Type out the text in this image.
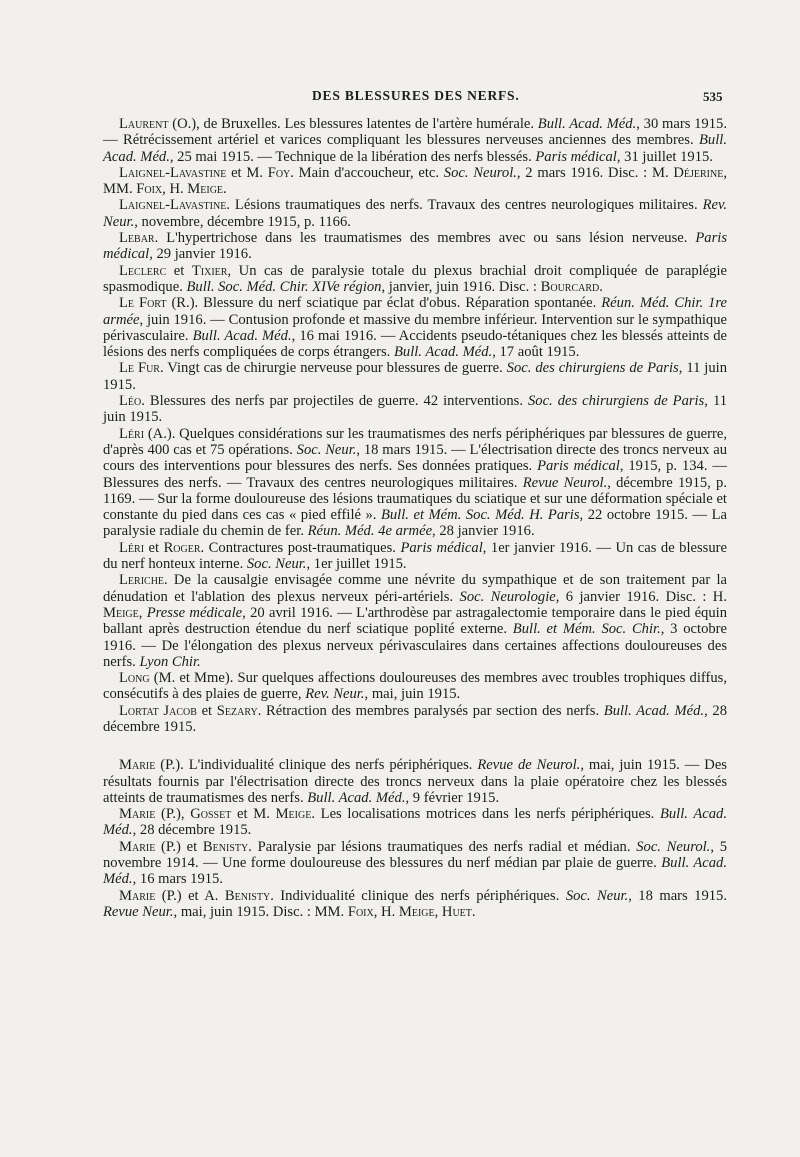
DES BLESSURES DES NERFS.	535

Laurent (O.), de Bruxelles. Les blessures latentes de l'artère humérale. Bull. Acad. Méd., 30 mars 1915. — Rétrécissement artériel et varices compliquant les blessures nerveuses anciennes des membres. Bull. Acad. Méd., 25 mai 1915. — Technique de la libération des nerfs blessés. Paris médical, 31 juillet 1915.

Laignel-Lavastine et M. Foy. Main d'accoucheur, etc. Soc. Neurol., 2 mars 1916. Disc. : M. Déjerine, MM. Foix, H. Meige.

Laignel-Lavastine. Lésions traumatiques des nerfs. Travaux des centres neurologiques militaires. Rev. Neur., novembre, décembre 1915, p. 1166.

Lebar. L'hypertrichose dans les traumatismes des membres avec ou sans lésion nerveuse. Paris médical, 29 janvier 1916.

Leclerc et Tixier, Un cas de paralysie totale du plexus brachial droit compliquée de paraplégie spasmodique. Bull. Soc. Méd. Chir. XIVe région, janvier, juin 1916. Disc. : Bourcard.

Le Fort (R.). Blessure du nerf sciatique par éclat d'obus. Réparation spontanée. Réun. Méd. Chir. 1re armée, juin 1916. — Contusion profonde et massive du membre inférieur. Intervention sur le sympathique périvasculaire. Bull. Acad. Méd., 16 mai 1916. — Accidents pseudo-tétaniques chez les blessés atteints de lésions des nerfs compliquées de corps étrangers. Bull. Acad. Méd., 17 août 1915.

Le Fur. Vingt cas de chirurgie nerveuse pour blessures de guerre. Soc. des chirurgiens de Paris, 11 juin 1915.

Léo. Blessures des nerfs par projectiles de guerre. 42 interventions. Soc. des chirurgiens de Paris, 11 juin 1915.

Léri (A.). Quelques considérations sur les traumatismes des nerfs périphériques par blessures de guerre, d'après 400 cas et 75 opérations. Soc. Neur., 18 mars 1915. — L'électrisation directe des troncs nerveux au cours des interventions pour blessures des nerfs. Ses données pratiques. Paris médical, 1915, p. 134. — Blessures des nerfs. — Travaux des centres neurologiques militaires. Revue Neurol., décembre 1915, p. 1169. — Sur la forme douloureuse des lésions traumatiques du sciatique et sur une déformation spéciale et constante du pied dans ces cas « pied effilé ». Bull. et Mém. Soc. Méd. H. Paris, 22 octobre 1915. — La paralysie radiale du chemin de fer. Réun. Méd. 4e armée, 28 janvier 1916.

Léri et Roger. Contractures post-traumatiques. Paris médical, 1er janvier 1916. — Un cas de blessure du nerf honteux interne. Soc. Neur., 1er juillet 1915.

Leriche. De la causalgie envisagée comme une névrite du sympathique et de son traitement par la dénudation et l'ablation des plexus nerveux péri-artériels. Soc. Neurologie, 6 janvier 1916. Disc. : H. Meige, Presse médicale, 20 avril 1916. — L'arthrodèse par astragalectomie temporaire dans le pied équin ballant après destruction étendue du nerf sciatique poplité externe. Bull. et Mém. Soc. Chir., 3 octobre 1916. — De l'élongation des plexus nerveux périvasculaires dans certaines affections douloureuses des nerfs. Lyon Chir.

Long (M. et Mme). Sur quelques affections douloureuses des membres avec troubles trophiques diffus, consécutifs à des plaies de guerre, Rev. Neur., mai, juin 1915.

Lortat Jacob et Sezary. Rétraction des membres paralysés par section des nerfs. Bull. Acad. Méd., 28 décembre 1915.

Marie (P.). L'individualité clinique des nerfs périphériques. Revue de Neurol., mai, juin 1915. — Des résultats fournis par l'électrisation directe des troncs nerveux dans la plaie opératoire chez les blessés atteints de traumatismes des nerfs. Bull. Acad. Méd., 9 février 1915.

Marie (P.), Gosset et M. Meige. Les localisations motrices dans les nerfs périphériques. Bull. Acad. Méd., 28 décembre 1915.

Marie (P.) et Benisty. Paralysie par lésions traumatiques des nerfs radial et médian. Soc. Neurol., 5 novembre 1914. — Une forme douloureuse des blessures du nerf médian par plaie de guerre. Bull. Acad. Méd., 16 mars 1915.

Marie (P.) et A. Benisty. Individualité clinique des nerfs périphériques. Soc. Neur., 18 mars 1915. Revue Neur., mai, juin 1915. Disc. : MM. Foix, H. Meige, Huet.
